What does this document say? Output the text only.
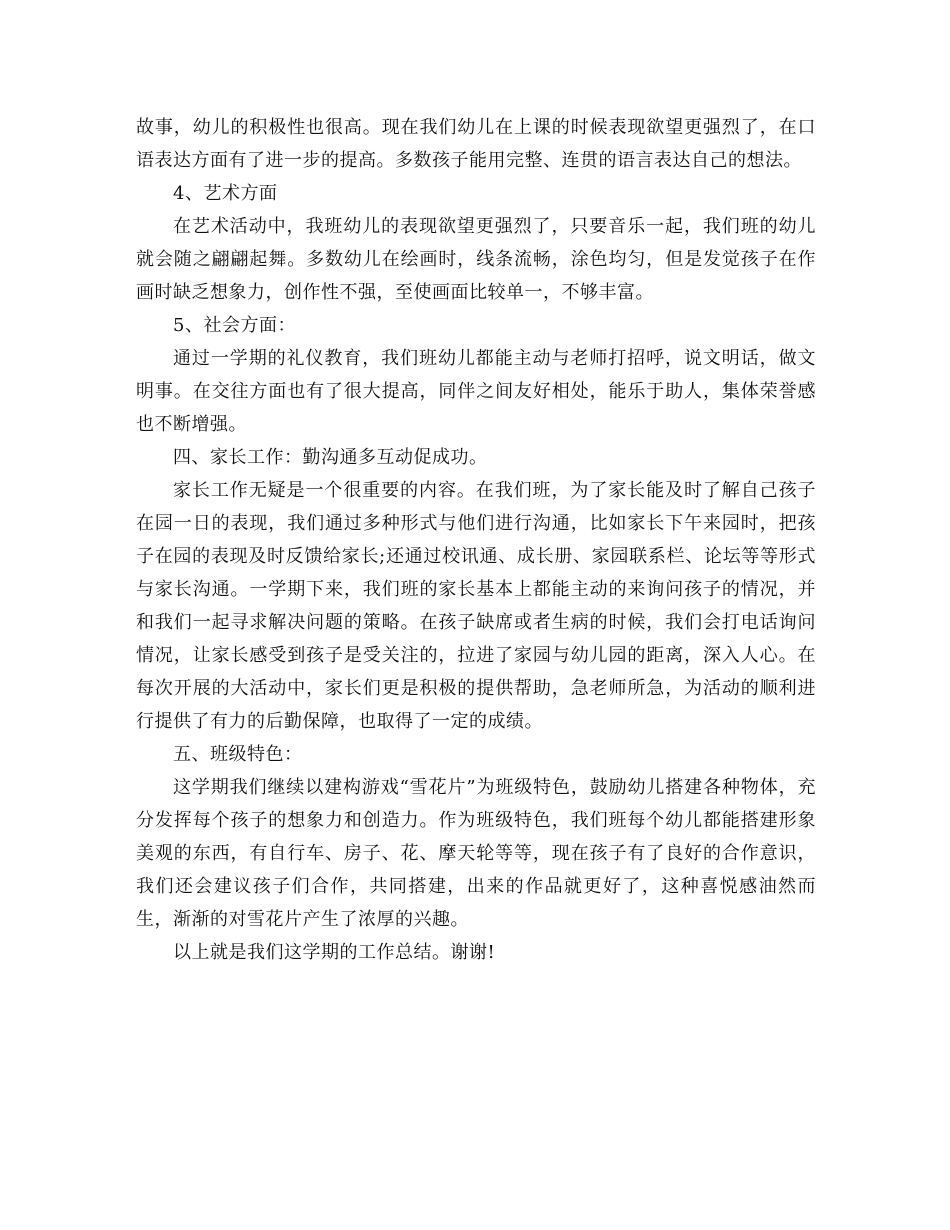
故事，幼儿的积极性也很高。现在我们幼儿在上课的时候表现欲望更强烈了，在口语表达方面有了进一步的提高。多数孩子能用完整、连贯的语言表达自己的想法。

4、艺术方面

在艺术活动中，我班幼儿的表现欲望更强烈了，只要音乐一起，我们班的幼儿就会随之翩翩起舞。多数幼儿在绘画时，线条流畅，涂色均匀，但是发觉孩子在作画时缺乏想象力，创作性不强，至使画面比较单一，不够丰富。

5、社会方面：

通过一学期的礼仪教育，我们班幼儿都能主动与老师打招呼，说文明话，做文明事。在交往方面也有了很大提高，同伴之间友好相处，能乐于助人，集体荣誉感也不断增强。

四、家长工作：勤沟通多互动促成功。

家长工作无疑是一个很重要的内容。在我们班，为了家长能及时了解自己孩子在园一日的表现，我们通过多种形式与他们进行沟通，比如家长下午来园时，把孩子在园的表现及时反馈给家长;还通过校讯通、成长册、家园联系栏、论坛等等形式与家长沟通。一学期下来，我们班的家长基本上都能主动的来询问孩子的情况，并和我们一起寻求解决问题的策略。在孩子缺席或者生病的时候，我们会打电话询问情况，让家长感受到孩子是受关注的，拉进了家园与幼儿园的距离，深入人心。在每次开展的大活动中，家长们更是积极的提供帮助，急老师所急，为活动的顺利进行提供了有力的后勤保障，也取得了一定的成绩。

五、班级特色：

这学期我们继续以建构游戏“雪花片”为班级特色，鼓励幼儿搭建各种物体，充分发挥每个孩子的想象力和创造力。作为班级特色，我们班每个幼儿都能搭建形象美观的东西，有自行车、房子、花、摩天轮等等，现在孩子有了良好的合作意识，我们还会建议孩子们合作，共同搭建，出来的作品就更好了，这种喜悦感油然而生，渐渐的对雪花片产生了浓厚的兴趣。

以上就是我们这学期的工作总结。谢谢!
